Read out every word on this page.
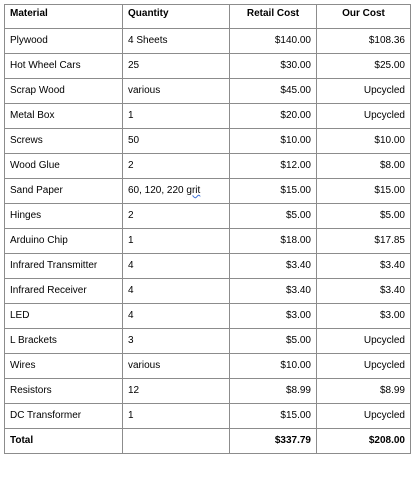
Material	Quantity	Retail Cost	Our Cost
Plywood	4 Sheets	$140.00	$108.36
Hot Wheel Cars	25	$30.00	$25.00
Scrap Wood	various	$45.00	Upcycled
Metal Box	1	$20.00	Upcycled
Screws	50	$10.00	$10.00
Wood Glue	2	$12.00	$8.00
Sand Paper	60, 120, 220 grit	$15.00	$15.00
Hinges	2	$5.00	$5.00
Arduino Chip	1	$18.00	$17.85
Infrared Transmitter	4	$3.40	$3.40
Infrared Receiver	4	$3.40	$3.40
LED	4	$3.00	$3.00
L Brackets	3	$5.00	Upcycled
Wires	various	$10.00	Upcycled
Resistors	12	$8.99	$8.99
DC Transformer	1	$15.00	Upcycled
Total		$337.79	$208.00
